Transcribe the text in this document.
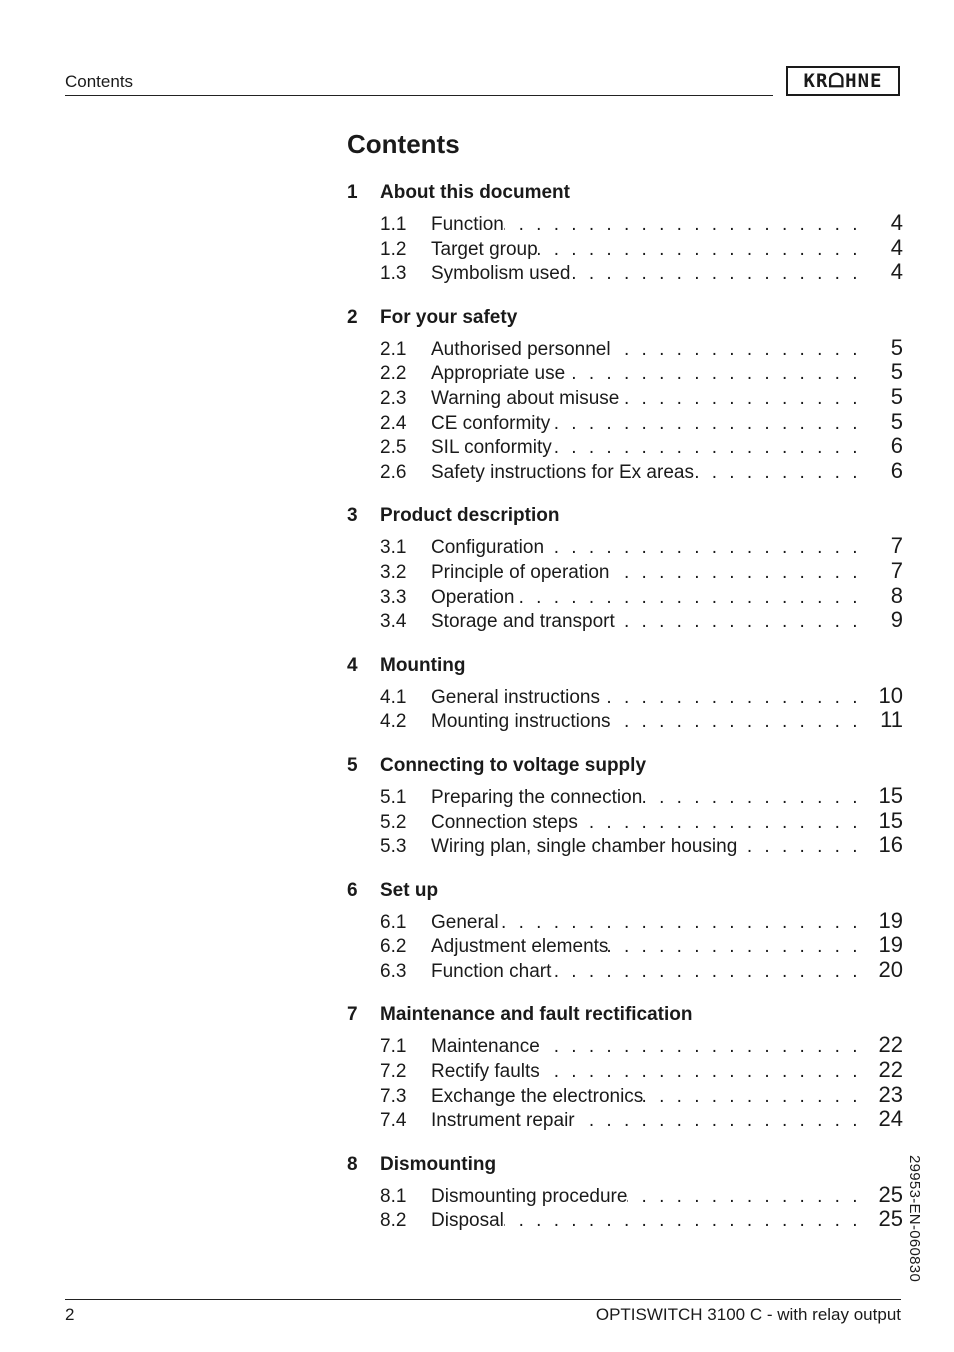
Contents	KRᗝHNE
Contents
1	About this document
1.1	Function . . .	4
1.2	Target group . . .	4
1.3	Symbolism used . . .	4
2	For your safety
2.1	Authorised personnel . . .	5
2.2	Appropriate use . . .	5
2.3	Warning about misuse . . .	5
2.4	CE conformity . . .	5
2.5	SIL conformity . . .	6
2.6	Safety instructions for Ex areas . . .	6
3	Product description
3.1	Configuration . . .	7
3.2	Principle of operation . . .	7
3.3	Operation . . .	8
3.4	Storage and transport . . .	9
4	Mounting
4.1	General instructions . . .	10
4.2	Mounting instructions . . .	11
5	Connecting to voltage supply
5.1	Preparing the connection . . .	15
5.2	Connection steps . . .	15
5.3	Wiring plan, single chamber housing . . .	16
6	Set up
6.1	General . . .	19
6.2	Adjustment elements . . .	19
6.3	Function chart . . .	20
7	Maintenance and fault rectification
7.1	Maintenance . . .	22
7.2	Rectify faults . . .	22
7.3	Exchange the electronics . . .	23
7.4	Instrument repair . . .	24
8	Dismounting
8.1	Dismounting procedure . . .	25
8.2	Disposal . . .	25 29953-EN-060830
2	OPTISWITCH 3100 C - with relay output
